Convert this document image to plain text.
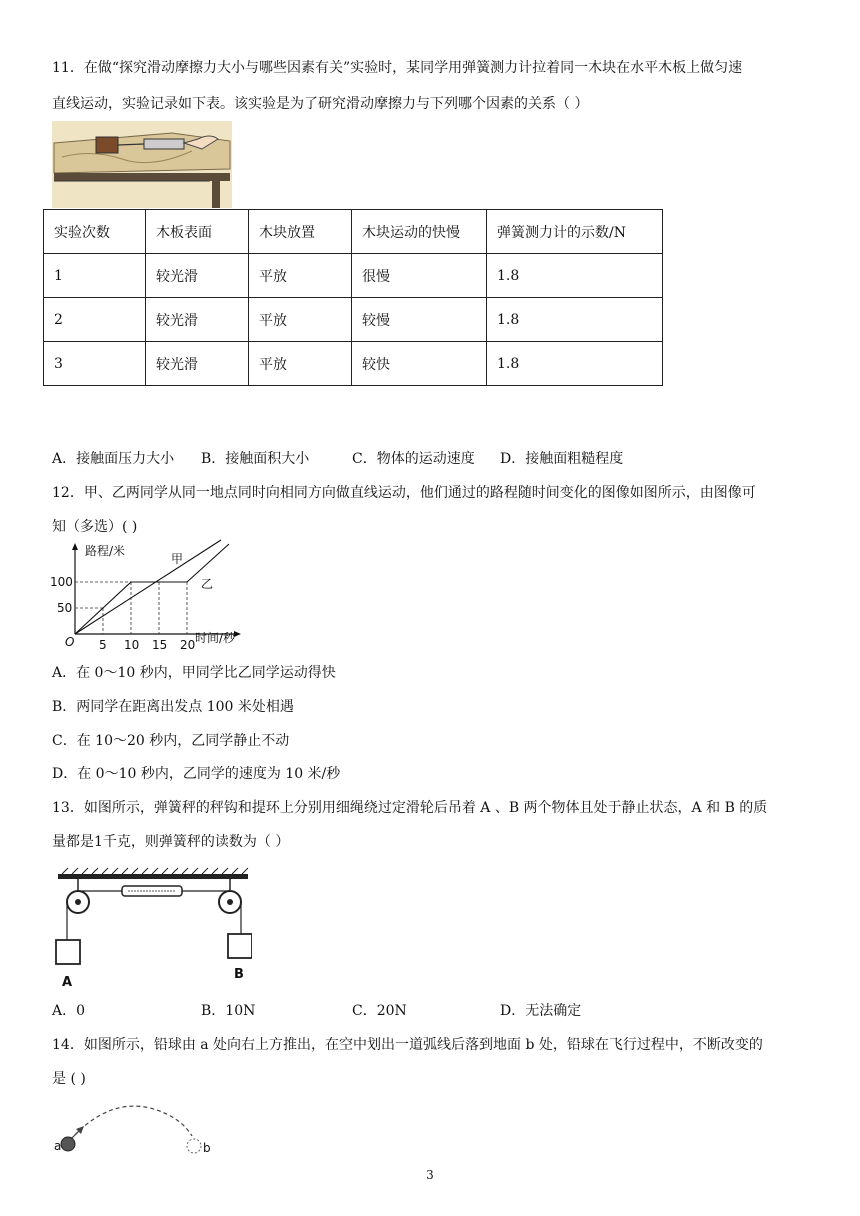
11．在做“探究滑动摩擦力大小与哪些因素有关”实验时，某同学用弹簧测力计拉着同一木块在水平木板上做匀速
直线运动，实验记录如下表。该实验是为了研究滑动摩擦力与下列哪个因素的关系（ ）
实验次数	木板表面	木块放置	木块运动的快慢	弹簧测力计的示数/N
1	较光滑	平放	很慢	1.8
2	较光滑	平放	较慢	1.8
3	较光滑	平放	较快	1.8
A．接触面压力大小 B．接触面积大小	C．物体的运动速度 D．接触面粗糙程度
12．甲、乙两同学从同一地点同时向相同方向做直线运动，他们通过的路程随时间变化的图像如图所示，由图像可
知（多选）( )
路程/米
时间/秒
O
100
50
5 10 15 20
甲
乙
A．在 0～10 秒内，甲同学比乙同学运动得快
B．两同学在距离出发点 100 米处相遇
C．在 10～20 秒内，乙同学静止不动
D．在 0～10 秒内，乙同学的速度为 10 米/秒
13．如图所示，弹簧秤的秤钩和提环上分别用细绳绕过定滑轮后吊着 A 、B 两个物体且处于静止状态，A 和 B 的质
量都是1千克，则弹簧秤的读数为（ ）
A
B
A．0	B．10N	C．20N	D．无法确定
14．如图所示，铅球由 a 处向右上方推出，在空中划出一道弧线后落到地面 b 处，铅球在飞行过程中，不断改变的
是 ( )
a	b
3
